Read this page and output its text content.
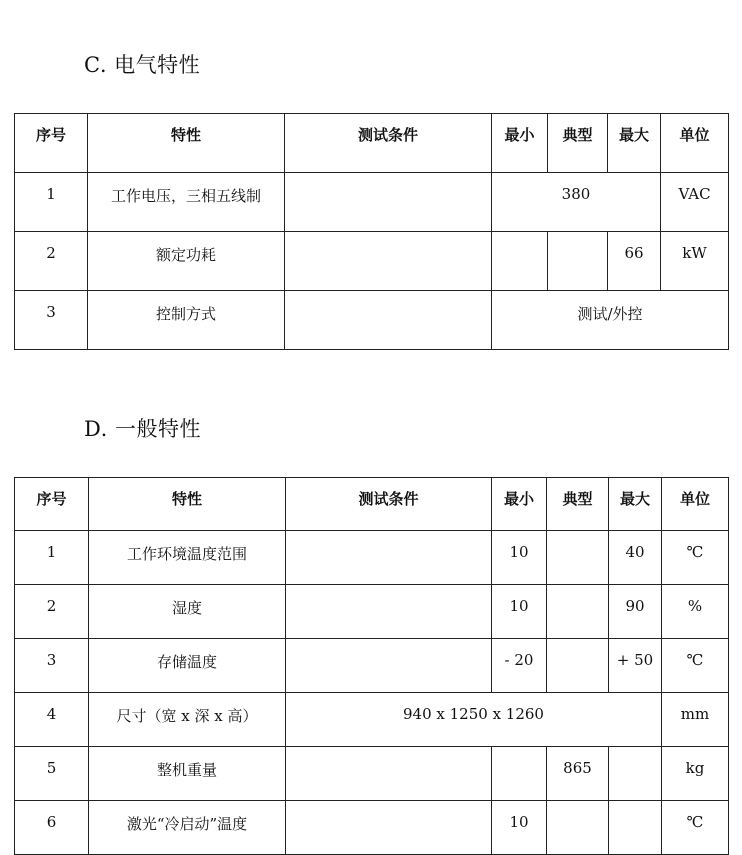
C. 电气特性
序号	特性	测试条件	最小	典型	最大	单位
1	工作电压，三相五线制		380			VAC
2	额定功耗				66	kW
3	控制方式		测试/外控			
D. 一般特性
序号	特性	测试条件	最小	典型	最大	单位
1	工作环境温度范围		10		40	℃
2	湿度		10		90	%
3	存储温度		- 20		+ 50	℃
4	尺寸（宽 x 深 x 高）	940 x 1250 x 1260				mm
5	整机重量			865		kg
6	激光“冷启动”温度		10			℃
